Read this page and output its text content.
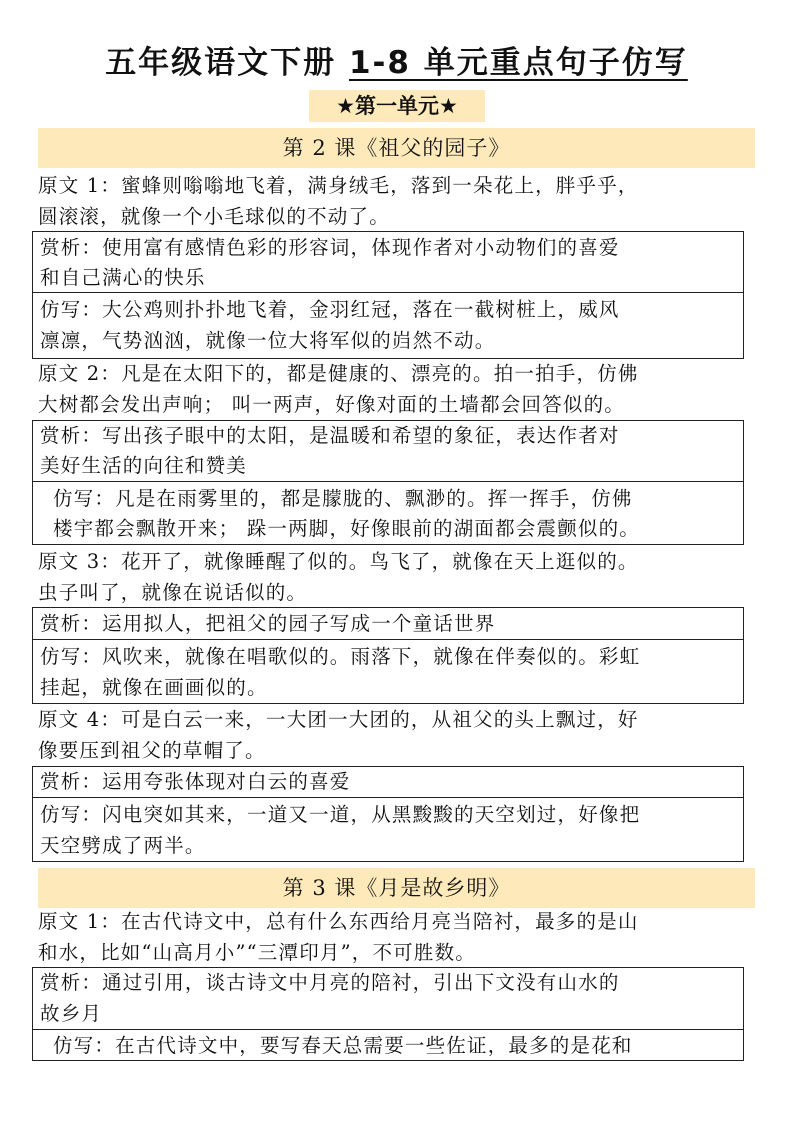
五年级语文下册 1-8 单元重点句子仿写
★第一单元★
第 2 课《祖父的园子》
原文 1：蜜蜂则嗡嗡地飞着，满身绒毛，落到一朵花上，胖乎乎，
圆滚滚，就像一个小毛球似的不动了。
赏析：使用富有感情色彩的形容词，体现作者对小动物们的喜爱
和自己满心的快乐
仿写：大公鸡则扑扑地飞着，金羽红冠，落在一截树桩上，威风
凛凛，气势汹汹，就像一位大将军似的岿然不动。
原文 2：凡是在太阳下的，都是健康的、漂亮的。拍一拍手，仿佛
大树都会发出声响； 叫一两声，好像对面的土墙都会回答似的。
赏析：写出孩子眼中的太阳，是温暖和希望的象征，表达作者对
美好生活的向往和赞美
仿写：凡是在雨雾里的，都是朦胧的、飘渺的。挥一挥手，仿佛
楼宇都会飘散开来； 跺一两脚，好像眼前的湖面都会震颤似的。
原文 3：花开了，就像睡醒了似的。鸟飞了，就像在天上逛似的。
虫子叫了，就像在说话似的。
赏析：运用拟人，把祖父的园子写成一个童话世界
仿写：风吹来，就像在唱歌似的。雨落下，就像在伴奏似的。彩虹
挂起，就像在画画似的。
原文 4：可是白云一来，一大团一大团的，从祖父的头上飘过，好
像要压到祖父的草帽了。
赏析：运用夸张体现对白云的喜爱
仿写：闪电突如其来，一道又一道，从黑黢黢的天空划过，好像把
天空劈成了两半。
第 3 课《月是故乡明》
原文 1：在古代诗文中，总有什么东西给月亮当陪衬，最多的是山
和水，比如“山高月小”“三潭印月”，不可胜数。
赏析：通过引用，谈古诗文中月亮的陪衬，引出下文没有山水的
故乡月
仿写：在古代诗文中，要写春天总需要一些佐证，最多的是花和
